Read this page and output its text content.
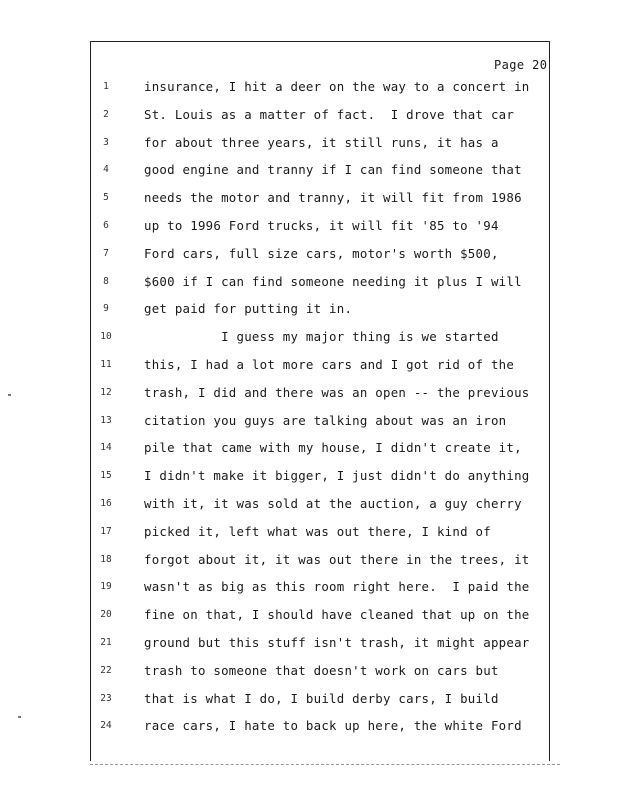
Page 20
1	insurance, I hit a deer on the way to a concert in
2	St. Louis as a matter of fact.  I drove that car
3	for about three years, it still runs, it has a
4	good engine and tranny if I can find someone that
5	needs the motor and tranny, it will fit from 1986
6	up to 1996 Ford trucks, it will fit '85 to '94
7	Ford cars, full size cars, motor's worth $500,
8	$600 if I can find someone needing it plus I will
9	get paid for putting it in.
10	I guess my major thing is we started
11	this, I had a lot more cars and I got rid of the
12	trash, I did and there was an open -- the previous
13	citation you guys are talking about was an iron
14	pile that came with my house, I didn't create it,
15	I didn't make it bigger, I just didn't do anything
16	with it, it was sold at the auction, a guy cherry
17	picked it, left what was out there, I kind of
18	forgot about it, it was out there in the trees, it
19	wasn't as big as this room right here.  I paid the
20	fine on that, I should have cleaned that up on the
21	ground but this stuff isn't trash, it might appear
22	trash to someone that doesn't work on cars but
23	that is what I do, I build derby cars, I build
24	race cars, I hate to back up here, the white Ford
